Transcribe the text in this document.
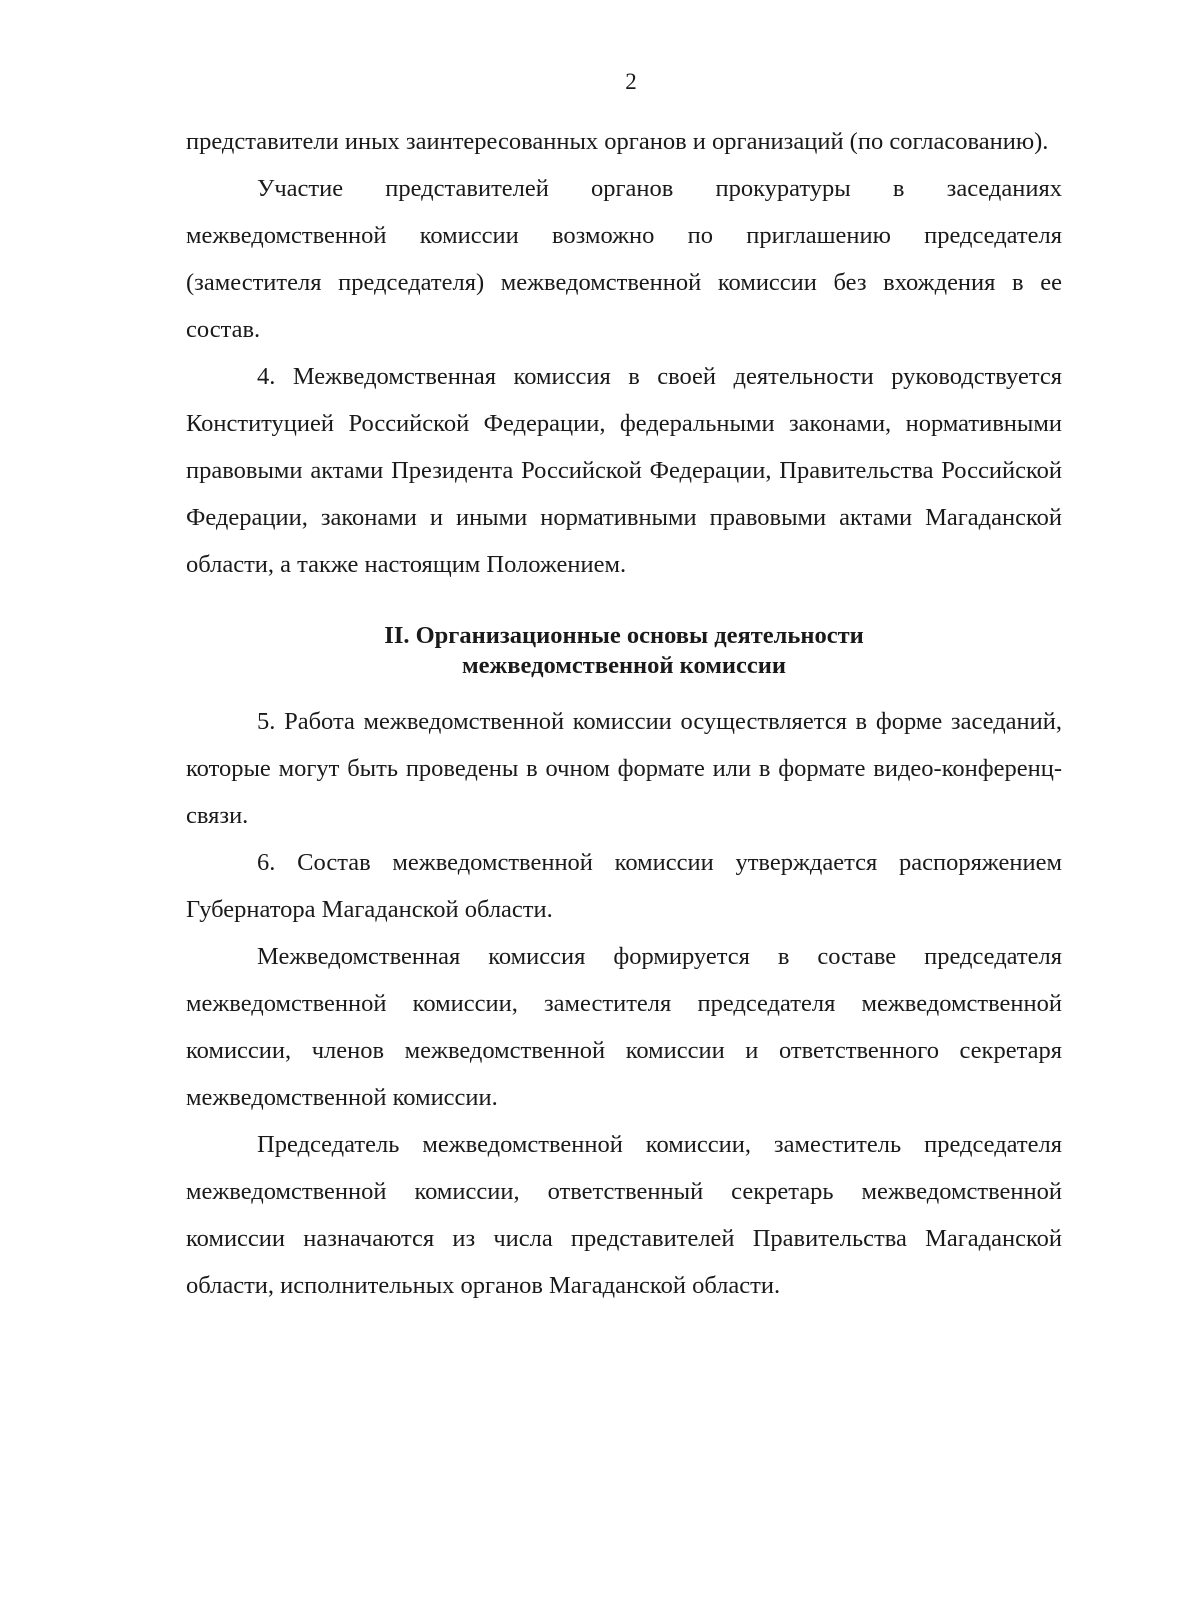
2

представители иных заинтересованных органов и организаций (по согласованию).

Участие представителей органов прокуратуры в заседаниях межведомственной комиссии возможно по приглашению председателя (заместителя председателя) межведомственной комиссии без вхождения в ее состав.

4. Межведомственная комиссия в своей деятельности руководствуется Конституцией Российской Федерации, федеральными законами, нормативными правовыми актами Президента Российской Федерации, Правительства Российской Федерации, законами и иными нормативными правовыми актами Магаданской области, а также настоящим Положением.

II. Организационные основы деятельности
межведомственной комиссии

5. Работа межведомственной комиссии осуществляется в форме заседаний, которые могут быть проведены в очном формате или в формате видео-конференц-связи.

6. Состав межведомственной комиссии утверждается распоряжением Губернатора Магаданской области.

Межведомственная комиссия формируется в составе председателя межведомственной комиссии, заместителя председателя межведомственной комиссии, членов межведомственной комиссии и ответственного секретаря межведомственной комиссии.

Председатель межведомственной комиссии, заместитель председателя межведомственной комиссии, ответственный секретарь межведомственной комиссии назначаются из числа представителей Правительства Магаданской области, исполнительных органов Магаданской области.
